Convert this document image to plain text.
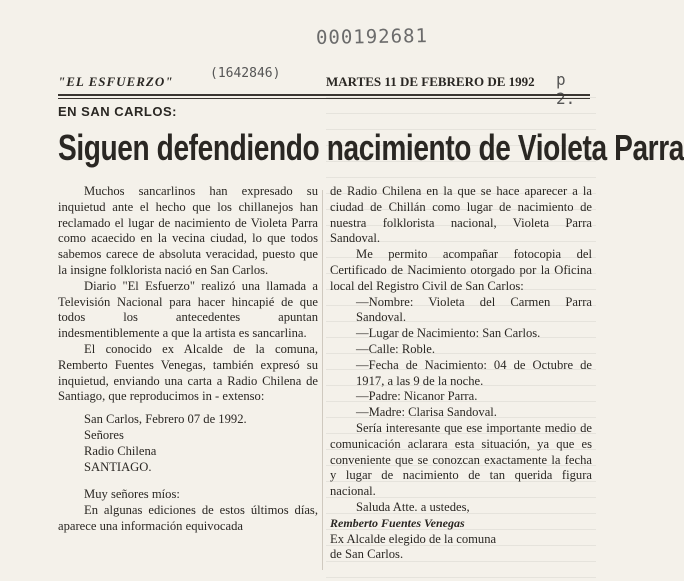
000192681
(1642846)
"EL ESFUERZO"	MARTES 11 DE FEBRERO DE 1992 p 2.
EN SAN CARLOS:
Siguen defendiendo nacimiento de Violeta Parra

Muchos sancarlinos han expresado su inquietud ante el hecho que los chillanejos han reclamado el lugar de nacimiento de Violeta Parra como acaecido en la vecina ciudad, lo que todos sabemos carece de absoluta veracidad, puesto que la insigne folklorista nació en San Carlos.

Diario "El Esfuerzo" realizó una llamada a Televisión Nacional para hacer hincapié de que todos los antecedentes apuntan indesmentiblemente a que la artista es sancarlina.

El conocido ex Alcalde de la comuna, Remberto Fuentes Venegas, también expresó su inquietud, enviando una carta a Radio Chilena de Santiago, que reproducimos in - extenso:

San Carlos, Febrero 07 de 1992.
Señores
Radio Chilena
SANTIAGO.

Muy señores míos:

En algunas ediciones de estos últimos días, aparece una información equivocada

de Radio Chilena en la que se hace aparecer a la ciudad de Chillán como lugar de nacimiento de nuestra folklorista nacional, Violeta Parra Sandoval.

Me permito acompañar fotocopia del Certificado de Nacimiento otorgado por la Oficina local del Registro Civil de San Carlos:

—Nombre: Violeta del Carmen Parra Sandoval.

—Lugar de Nacimiento: San Carlos.

—Calle: Roble.

—Fecha de Nacimiento: 04 de Octubre de 1917, a las 9 de la noche.

—Padre: Nicanor Parra.

—Madre: Clarisa Sandoval.

Sería interesante que ese importante medio de comunicación aclarara esta situación, ya que es conveniente que se conozcan exactamente la fecha y lugar de nacimiento de tan querida figura nacional.

Saluda Atte. a ustedes,

Remberto Fuentes Venegas

Ex Alcalde elegido de la comuna

de San Carlos.
